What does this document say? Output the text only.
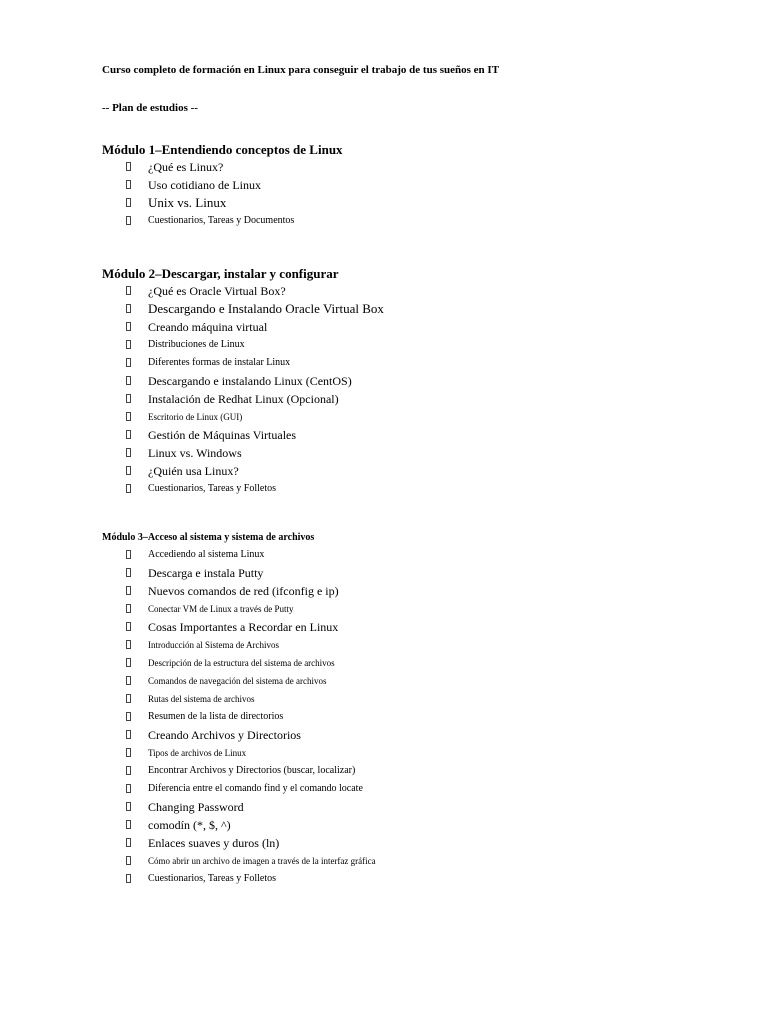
Curso completo de formación en Linux para conseguir el trabajo de tus sueños en IT
-- Plan de estudios --
Módulo 1–Entendiendo conceptos de Linux
¿Qué es Linux?
Uso cotidiano de Linux
Unix vs. Linux
Cuestionarios, Tareas y Documentos
Módulo 2–Descargar, instalar y configurar
¿Qué es Oracle Virtual Box?
Descargando e Instalando Oracle Virtual Box
Creando máquina virtual
Distribuciones de Linux
Diferentes formas de instalar Linux
Descargando e instalando Linux (CentOS)
Instalación de Redhat Linux (Opcional)
Escritorio de Linux (GUI)
Gestión de Máquinas Virtuales
Linux vs. Windows
¿Quién usa Linux?
Cuestionarios, Tareas y Folletos
Módulo 3–Acceso al sistema y sistema de archivos
Accediendo al sistema Linux
Descarga e instala Putty
Nuevos comandos de red (ifconfig e ip)
Conectar VM de Linux a través de Putty
Cosas Importantes a Recordar en Linux
Introducción al Sistema de Archivos
Descripción de la estructura del sistema de archivos
Comandos de navegación del sistema de archivos
Rutas del sistema de archivos
Resumen de la lista de directorios
Creando Archivos y Directorios
Tipos de archivos de Linux
Encontrar Archivos y Directorios (buscar, localizar)
Diferencia entre el comando find y el comando locate
Changing Password
comodín (*, $, ^)
Enlaces suaves y duros (ln)
Cómo abrir un archivo de imagen a través de la interfaz gráfica
Cuestionarios, Tareas y Folletos
